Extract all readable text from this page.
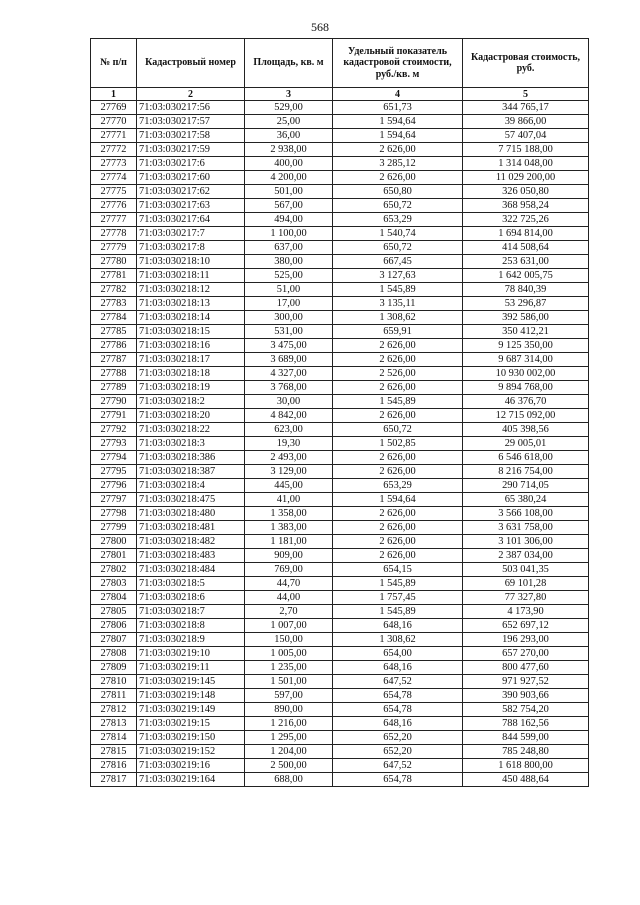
568
№ п/п	Кадастровый номер	Площадь, кв. м	Удельный показатель кадастровой стоимости, руб./кв. м	Кадастровая стоимость, руб.
1	2	3	4	5
27769	71:03:030217:56	529,00	651,73	344 765,17
27770	71:03:030217:57	25,00	1 594,64	39 866,00
27771	71:03:030217:58	36,00	1 594,64	57 407,04
27772	71:03:030217:59	2 938,00	2 626,00	7 715 188,00
27773	71:03:030217:6	400,00	3 285,12	1 314 048,00
27774	71:03:030217:60	4 200,00	2 626,00	11 029 200,00
27775	71:03:030217:62	501,00	650,80	326 050,80
27776	71:03:030217:63	567,00	650,72	368 958,24
27777	71:03:030217:64	494,00	653,29	322 725,26
27778	71:03:030217:7	1 100,00	1 540,74	1 694 814,00
27779	71:03:030217:8	637,00	650,72	414 508,64
27780	71:03:030218:10	380,00	667,45	253 631,00
27781	71:03:030218:11	525,00	3 127,63	1 642 005,75
27782	71:03:030218:12	51,00	1 545,89	78 840,39
27783	71:03:030218:13	17,00	3 135,11	53 296,87
27784	71:03:030218:14	300,00	1 308,62	392 586,00
27785	71:03:030218:15	531,00	659,91	350 412,21
27786	71:03:030218:16	3 475,00	2 626,00	9 125 350,00
27787	71:03:030218:17	3 689,00	2 626,00	9 687 314,00
27788	71:03:030218:18	4 327,00	2 526,00	10 930 002,00
27789	71:03:030218:19	3 768,00	2 626,00	9 894 768,00
27790	71:03:030218:2	30,00	1 545,89	46 376,70
27791	71:03:030218:20	4 842,00	2 626,00	12 715 092,00
27792	71:03:030218:22	623,00	650,72	405 398,56
27793	71:03:030218:3	19,30	1 502,85	29 005,01
27794	71:03:030218:386	2 493,00	2 626,00	6 546 618,00
27795	71:03:030218:387	3 129,00	2 626,00	8 216 754,00
27796	71:03:030218:4	445,00	653,29	290 714,05
27797	71:03:030218:475	41,00	1 594,64	65 380,24
27798	71:03:030218:480	1 358,00	2 626,00	3 566 108,00
27799	71:03:030218:481	1 383,00	2 626,00	3 631 758,00
27800	71:03:030218:482	1 181,00	2 626,00	3 101 306,00
27801	71:03:030218:483	909,00	2 626,00	2 387 034,00
27802	71:03:030218:484	769,00	654,15	503 041,35
27803	71:03:030218:5	44,70	1 545,89	69 101,28
27804	71:03:030218:6	44,00	1 757,45	77 327,80
27805	71:03:030218:7	2,70	1 545,89	4 173,90
27806	71:03:030218:8	1 007,00	648,16	652 697,12
27807	71:03:030218:9	150,00	1 308,62	196 293,00
27808	71:03:030219:10	1 005,00	654,00	657 270,00
27809	71:03:030219:11	1 235,00	648,16	800 477,60
27810	71:03:030219:145	1 501,00	647,52	971 927,52
27811	71:03:030219:148	597,00	654,78	390 903,66
27812	71:03:030219:149	890,00	654,78	582 754,20
27813	71:03:030219:15	1 216,00	648,16	788 162,56
27814	71:03:030219:150	1 295,00	652,20	844 599,00
27815	71:03:030219:152	1 204,00	652,20	785 248,80
27816	71:03:030219:16	2 500,00	647,52	1 618 800,00
27817	71:03:030219:164	688,00	654,78	450 488,64
